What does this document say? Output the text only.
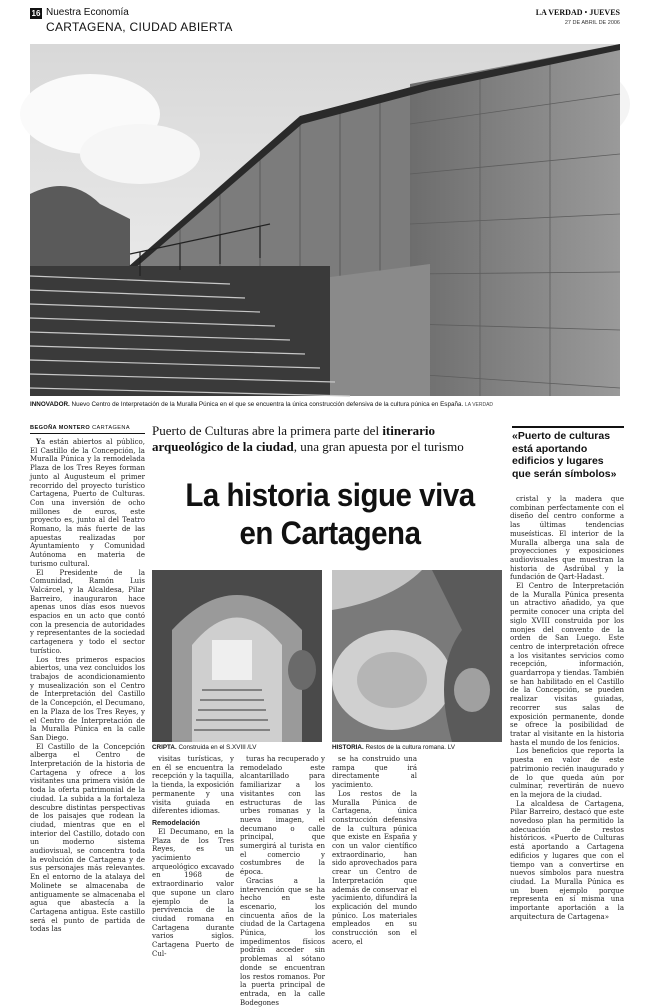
16 Nuestra Economía
CARTAGENA, CIUDAD ABIERTA
LA VERDAD • JUEVES
27 DE ABRIL DE 2006
INNOVADOR. Nuevo Centro de Interpretación de la Muralla Púnica en el que se encuentra la única construcción defensiva de la cultura púnica en España. LA VERDAD
BEGOÑA MONTERO CARTAGENA Puerto de Culturas abre la primera parte del itinerario arqueológico de la ciudad, una gran apuesta por el turismo
«Puerto de culturas está aportando edificios y lugares que serán símbolos»
La historia sigue viva
en Cartagena

Ya están abiertos al público, El Castillo de la Concepción, la Muralla Púnica y la remodelada Plaza de los Tres Reyes forman junto al Augusteum el primer recorrido del proyecto turístico Cartagena, Puerto de Culturas. Con una inversión de ocho millones de euros, este proyecto es, junto al del Teatro Romano, la más fuerte de las apuestas realizadas por Ayuntamiento y Comunidad Autónoma en materia de turismo cultural.

El Presidente de la Comunidad, Ramón Luis Valcárcel, y la Alcaldesa, Pilar Barreiro, inauguraron hace apenas unos días esos nuevos espacios en un acto que contó con la presencia de autoridades y representantes de la sociedad cartagenera y todo el sector turístico.

Los tres primeros espacios abiertos, una vez concluidos los trabajos de acondicionamiento y musealización son el Centro de Interpretación del Castillo de la Concepción, el Decumano, en la Plaza de los Tres Reyes, y el Centro de Interpretación de la Muralla Púnica en la calle San Diego.

El Castillo de la Concepción alberga el Centro de Interpretación de la historia de Cartagena y ofrece a los visitantes una primera visión de toda la oferta patrimonial de la ciudad. La subida a la fortaleza descubre distintas perspectivas de los paisajes que rodean la ciudad, mientras que en el interior del Castillo, dotado con un moderno sistema audiovisual, se concentra toda la evolución de Cartagena y de sus personajes más relevantes. En el entorno de la atalaya del Molinete se almacenaba de antiguamente se almacenaba el agua que abastecía a la Cartagena antigua. Este castillo será el punto de partida de todas las

CRIPTA. Construida en el S.XVIII /LV	HISTORIA. Restos de la cultura romana. LV

visitas turísticas, y en él se encuentra la recepción y la taquilla, la tienda, la exposición permanente y una visita guiada en diferentes idiomas.

Remodelación

El Decumano, en la Plaza de los Tres Reyes, es un yacimiento arqueológico excavado en 1968 de extraordinario valor que supone un claro ejemplo de la pervivencia de la ciudad romana en Cartagena durante varios siglos. Cartagena Puerto de Cul-

turas ha recuperado y remodelado este alcantarillado para familiarizar a los visitantes con las estructuras de las urbes romanas y la nueva imagen, el decumano o calle principal, que sumergirá al turista en el comercio y costumbres de la época.

Gracias a la intervención que se ha hecho en este escenario, los cincuenta años de la ciudad de la Cartagena Púnica, los impedimentos físicos podrán acceder sin problemas al sótano donde se encuentran los restos romanos. Por la puerta principal de entrada, en la calle Bodegones

se ha construido una rampa que irá directamente al yacimiento.

Los restos de la Muralla Púnica de Cartagena, única construcción defensiva de la cultura púnica que existe en España y con un valor científico extraordinario, han sido aprovechados para crear un Centro de Interpretación que además de conservar el yacimiento, difundirá la explicación del mundo púnico. Los materiales empleados en su construcción son el acero, el

cristal y la madera que combinan perfectamente con el diseño del centro conforme a las últimas tendencias museísticas. El interior de la Muralla alberga una sala de proyecciones y exposiciones audiovisuales que muestran la historia de Asdrúbal y la fundación de Qart-Hadast.

El Centro de Interpretación de la Muralla Púnica presenta un atractivo añadido, ya que permite conocer una cripta del siglo XVIII construida por los monjes del convento de la orden de San Luego. Este centro de interpretación ofrece a los visitantes servicios como recepción, información, guardarropa y tiendas. También se han habilitado en el Castillo de la Concepción, se pueden realizar visitas guiadas, recorrer sus salas de exposición permanente, donde se ofrece la posibilidad de tratar al visitante en la historia hasta el mundo de los fenicios.

Los beneficios que reporta la puesta en valor de este patrimonio recién inaugurado y de lo que queda aún por culminar, revertirán de nuevo en la mejora de la ciudad.

La alcaldesa de Cartagena, Pilar Barreiro, destacó que este novedoso plan ha permitido la adecuación de restos históricos. «Puerto de Culturas está aportando a Cartagena edificios y lugares que con el tiempo van a convertirse en nuevos símbolos para nuestra ciudad. La Muralla Púnica es un buen ejemplo porque representa en sí misma una importante aportación a la arquitectura de Cartagena»
